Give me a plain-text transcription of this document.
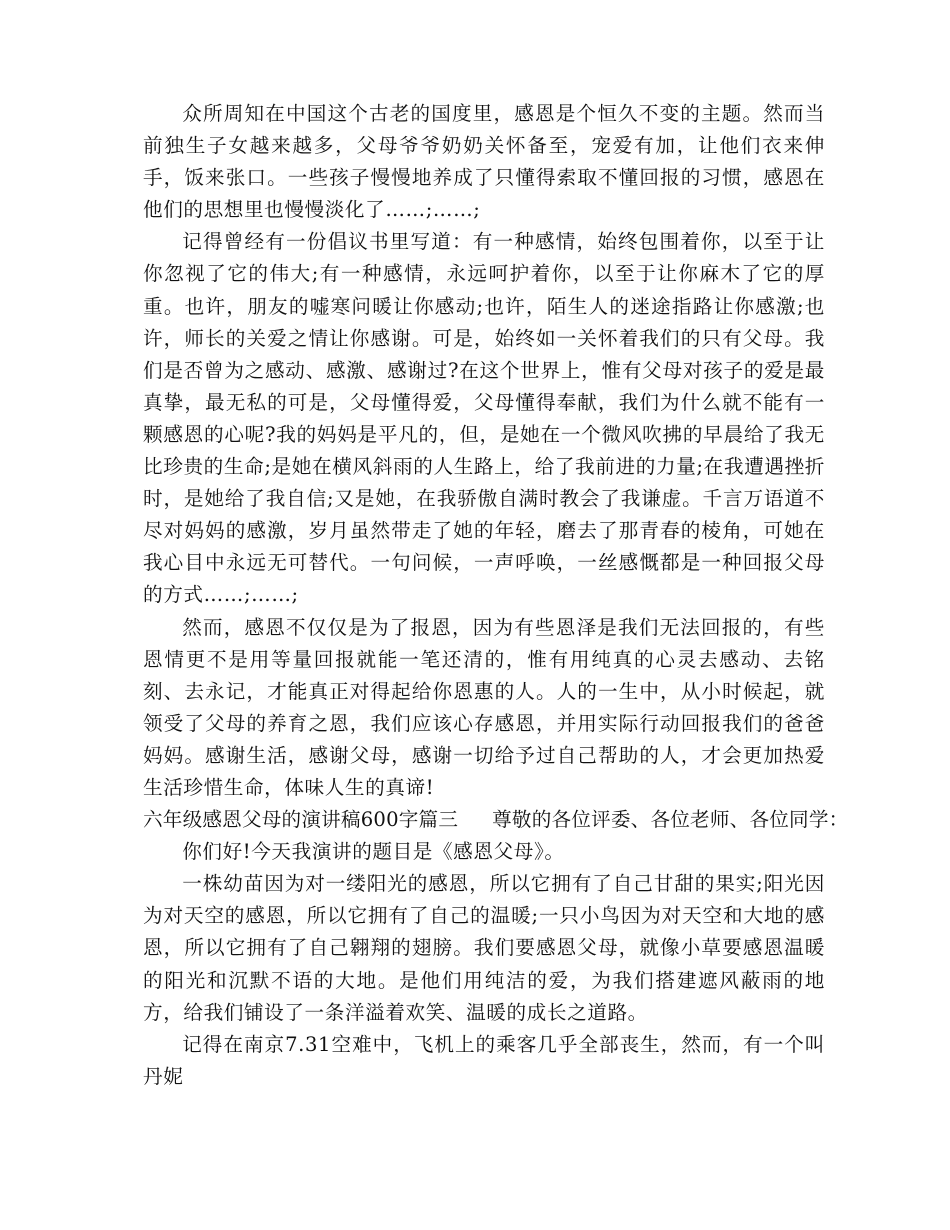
众所周知在中国这个古老的国度里，感恩是个恒久不变的主题。然而当前独生子女越来越多，父母爷爷奶奶关怀备至，宠爱有加，让他们衣来伸手，饭来张口。一些孩子慢慢地养成了只懂得索取不懂回报的习惯，感恩在他们的思想里也慢慢淡化了……;……;

记得曾经有一份倡议书里写道：有一种感情，始终包围着你，以至于让你忽视了它的伟大;有一种感情，永远呵护着你，以至于让你麻木了它的厚重。也许，朋友的嘘寒问暖让你感动;也许，陌生人的迷途指路让你感激;也许，师长的关爱之情让你感谢。可是，始终如一关怀着我们的只有父母。我们是否曾为之感动、感激、感谢过?在这个世界上，惟有父母对孩子的爱是最真挚，最无私的可是，父母懂得爱，父母懂得奉献，我们为什么就不能有一颗感恩的心呢?我的妈妈是平凡的，但，是她在一个微风吹拂的早晨给了我无比珍贵的生命;是她在横风斜雨的人生路上，给了我前进的力量;在我遭遇挫折时，是她给了我自信;又是她，在我骄傲自满时教会了我谦虚。千言万语道不尽对妈妈的感激，岁月虽然带走了她的年轻，磨去了那青春的棱角，可她在我心目中永远无可替代。一句问候，一声呼唤，一丝感慨都是一种回报父母的方式……;……;

然而，感恩不仅仅是为了报恩，因为有些恩泽是我们无法回报的，有些恩情更不是用等量回报就能一笔还清的，惟有用纯真的心灵去感动、去铭刻、去永记，才能真正对得起给你恩惠的人。人的一生中，从小时候起，就领受了父母的养育之恩，我们应该心存感恩，并用实际行动回报我们的爸爸妈妈。感谢生活，感谢父母，感谢一切给予过自己帮助的人，才会更加热爱生活珍惜生命，体味人生的真谛!

六年级感恩父母的演讲稿600字篇三 尊敬的各位评委、各位老师、各位同学：

你们好!今天我演讲的题目是《感恩父母》。

一株幼苗因为对一缕阳光的感恩，所以它拥有了自己甘甜的果实;阳光因为对天空的感恩，所以它拥有了自己的温暖;一只小鸟因为对天空和大地的感恩，所以它拥有了自己翱翔的翅膀。我们要感恩父母，就像小草要感恩温暖的阳光和沉默不语的大地。是他们用纯洁的爱，为我们搭建遮风蔽雨的地方，给我们铺设了一条洋溢着欢笑、温暖的成长之道路。

记得在南京7.31空难中，飞机上的乘客几乎全部丧生，然而，有一个叫丹妮
